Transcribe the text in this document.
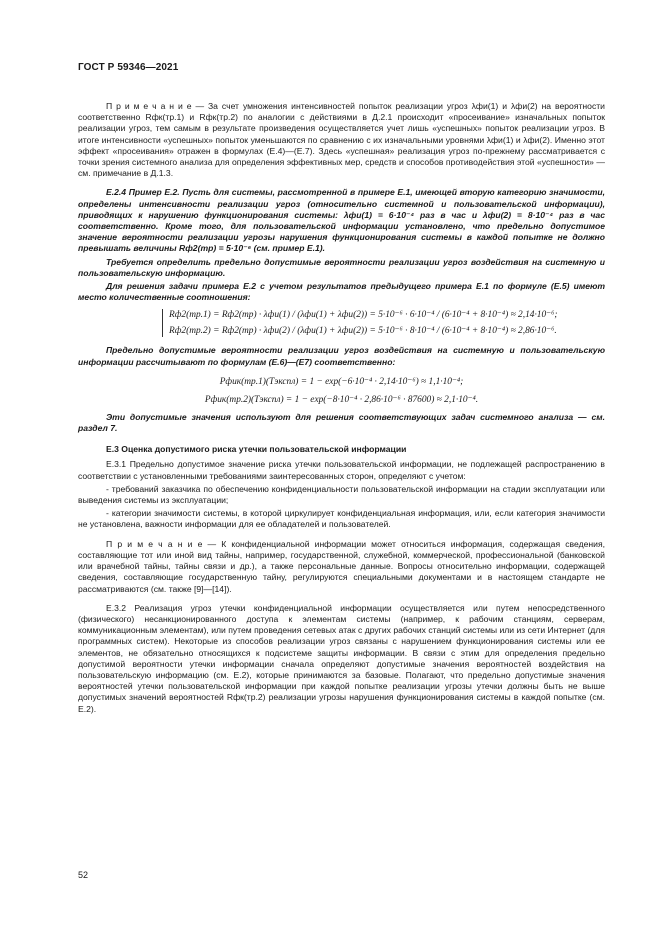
ГОСТ Р 59346—2021

П р и м е ч а н и е — За счет умножения интенсивностей попыток реализации угроз λфи(1) и λфи(2) на вероятности соответственно Rфк(тр.1) и Rфк(тр.2) по аналогии с действиями в Д.2.1 происходит «просеивание» изначальных попыток реализации угроз, тем самым в результате произведения осуществляется учет лишь «успешных» попыток реализации угроз. В итоге интенсивности «успешных» попыток уменьшаются по сравнению с их изначальными уровнями λфи(1) и λфи(2). Именно этот эффект «просеивания» отражен в формулах (Е.4)—(Е.7). Здесь «успешная» реализация угроз по-прежнему рассматривается с точки зрения системного анализа для определения эффективных мер, средств и способов противодействия этой «успешности» — см. примечание в Д.1.3.

Е.2.4 Пример Е.2. Пусть для системы, рассмотренной в примере Е.1, имеющей вторую категорию значимости, определены интенсивности реализации угроз (относительно системной и пользовательской информации), приводящих к нарушению функционирования системы: λфи(1) = 6·10⁻⁴ раз в час и λфи(2) = 8·10⁻⁴ раз в час соответственно. Кроме того, для пользовательской информации установлено, что предельно допустимое значение вероятности реализации угрозы нарушения функционирования системы в каждой попытке не должно превышать величины Rф2(тр) = 5·10⁻⁶ (см. пример Е.1).

Требуется определить предельно допустимые вероятности реализации угроз воздействия на системную и пользовательскую информацию.

Для решения задачи примера Е.2 с учетом результатов предыдущего примера Е.1 по формуле (Е.5) имеют место количественные соотношения:

Rф2(тр.1) = Rф2(тр) · λфи(1) / (λфи(1) + λфи(2)) = 5·10⁻⁶ · 6·10⁻⁴ / (6·10⁻⁴ + 8·10⁻⁴) ≈ 2,14·10⁻⁶;

Rф2(тр.2) = Rф2(тр) · λфи(2) / (λфи(1) + λфи(2)) = 5·10⁻⁶ · 8·10⁻⁴ / (6·10⁻⁴ + 8·10⁻⁴) ≈ 2,86·10⁻⁶.

Предельно допустимые вероятности реализации угроз воздействия на системную и пользовательскую информации рассчитывают по формулам (Е.6)—(Е7) соответственно:

Pфик(тр.1)(Tэкспл) = 1 − exp(−6·10⁻⁴ · 2,14·10⁻⁶) ≈ 1,1·10⁻⁴;

Pфик(тр.2)(Tэкспл) = 1 − exp(−8·10⁻⁴ · 2,86·10⁻⁶ · 87600) ≈ 2,1·10⁻⁴.

Эти допустимые значения используют для решения соответствующих задач системного анализа — см. раздел 7.

Е.3 Оценка допустимого риска утечки пользовательской информации

Е.3.1 Предельно допустимое значение риска утечки пользовательской информации, не подлежащей распространению в соответствии с установленными требованиями заинтересованных сторон, определяют с учетом:

- требований заказчика по обеспечению конфиденциальности пользовательской информации на стадии эксплуатации или выведения системы из эксплуатации;

- категории значимости системы, в которой циркулирует конфиденциальная информация, или, если категория значимости не установлена, важности информации для ее обладателей и пользователей.

П р и м е ч а н и е — К конфиденциальной информации может относиться информация, содержащая сведения, составляющие тот или иной вид тайны, например, государственной, служебной, коммерческой, профессиональной (банковской или врачебной тайны, тайны связи и др.), а также персональные данные. Вопросы относительно информации, содержащей сведения, составляющие государственную тайну, регулируются специальными документами и в настоящем стандарте не рассматриваются (см. также [9]—[14]).

Е.3.2 Реализация угроз утечки конфиденциальной информации осуществляется или путем непосредственного (физического) несанкционированного доступа к элементам системы (например, к рабочим станциям, серверам, коммуникационным элементам), или путем проведения сетевых атак с других рабочих станций системы или из сети Интернет (для программных систем). Некоторые из способов реализации угроз связаны с нарушением функционирования системы или ее элементов, не обязательно относящихся к подсистеме защиты информации. В связи с этим для определения предельно допустимой вероятности утечки информации сначала определяют допустимые значения вероятностей воздействия на пользовательскую информацию (см. Е.2), которые принимаются за базовые. Полагают, что предельно допустимые значения вероятностей утечки пользовательской информации при каждой попытке реализации угрозы утечки должны быть не выше допустимых значений вероятностей Rфк(тр.2) реализации угрозы нарушения функционирования системы в каждой попытке (см. Е.2).

52
